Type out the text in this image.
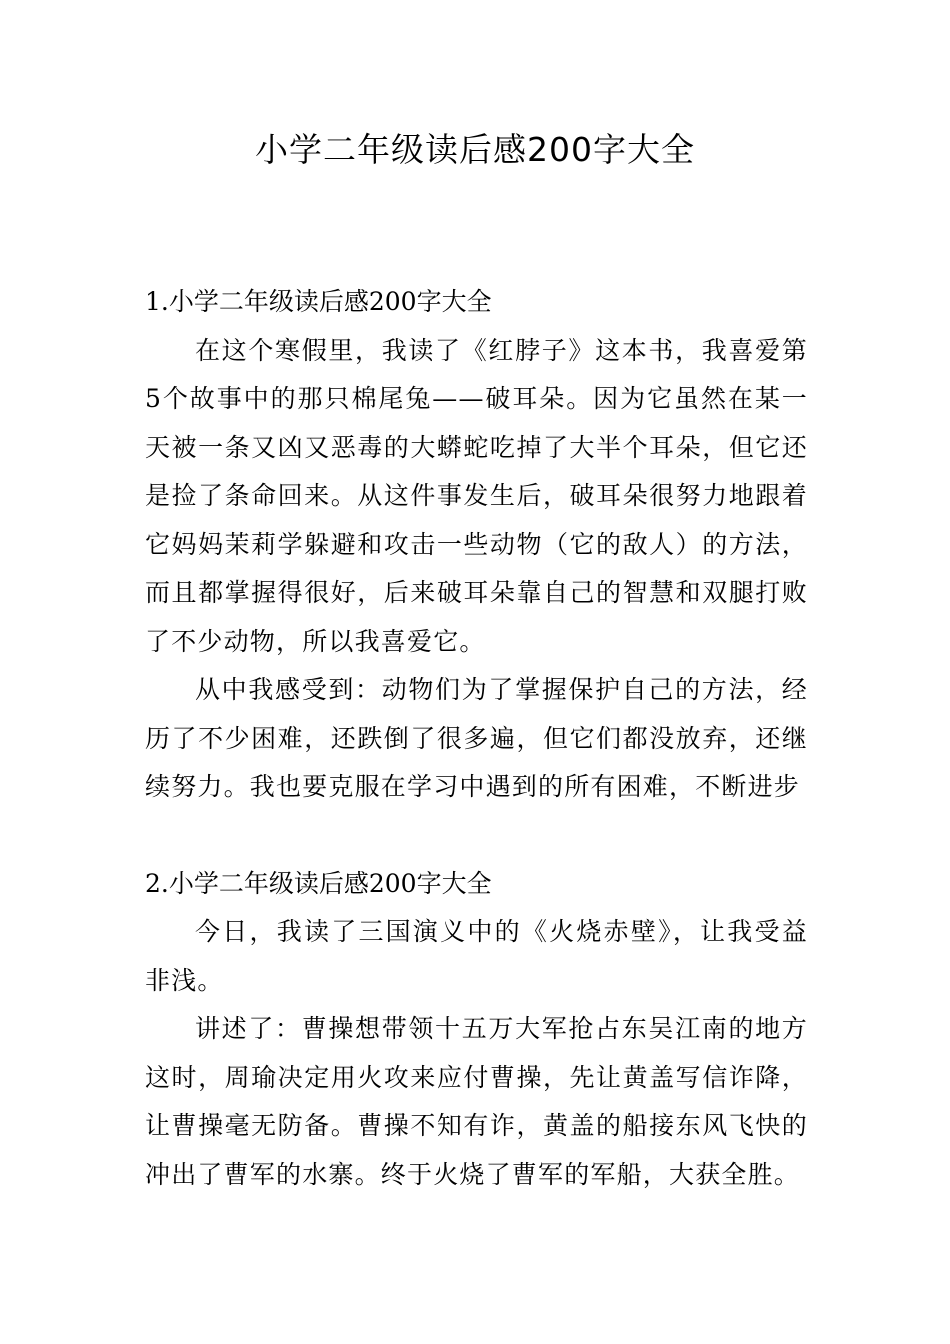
小学二年级读后感200字大全
1.小学二年级读后感200字大全

在这个寒假里，我读了《红脖子》这本书，我喜爱第5个故事中的那只棉尾兔——破耳朵。因为它虽然在某一天被一条又凶又恶毒的大蟒蛇吃掉了大半个耳朵，但它还是捡了条命回来。从这件事发生后，破耳朵很努力地跟着它妈妈茉莉学躲避和攻击一些动物（它的敌人）的方法，而且都掌握得很好，后来破耳朵靠自己的智慧和双腿打败了不少动物，所以我喜爱它。

从中我感受到：动物们为了掌握保护自己的方法，经历了不少困难，还跌倒了很多遍，但它们都没放弃，还继续努力。我也要克服在学习中遇到的所有困难，不断进步

2.小学二年级读后感200字大全

今日，我读了三国演义中的《火烧赤壁》，让我受益非浅。

讲述了：曹操想带领十五万大军抢占东吴江南的地方这时，周瑜决定用火攻来应付曹操，先让黄盖写信诈降，让曹操毫无防备。曹操不知有诈，黄盖的船接东风飞快的冲出了曹军的水寨。终于火烧了曹军的军船，大获全胜。
